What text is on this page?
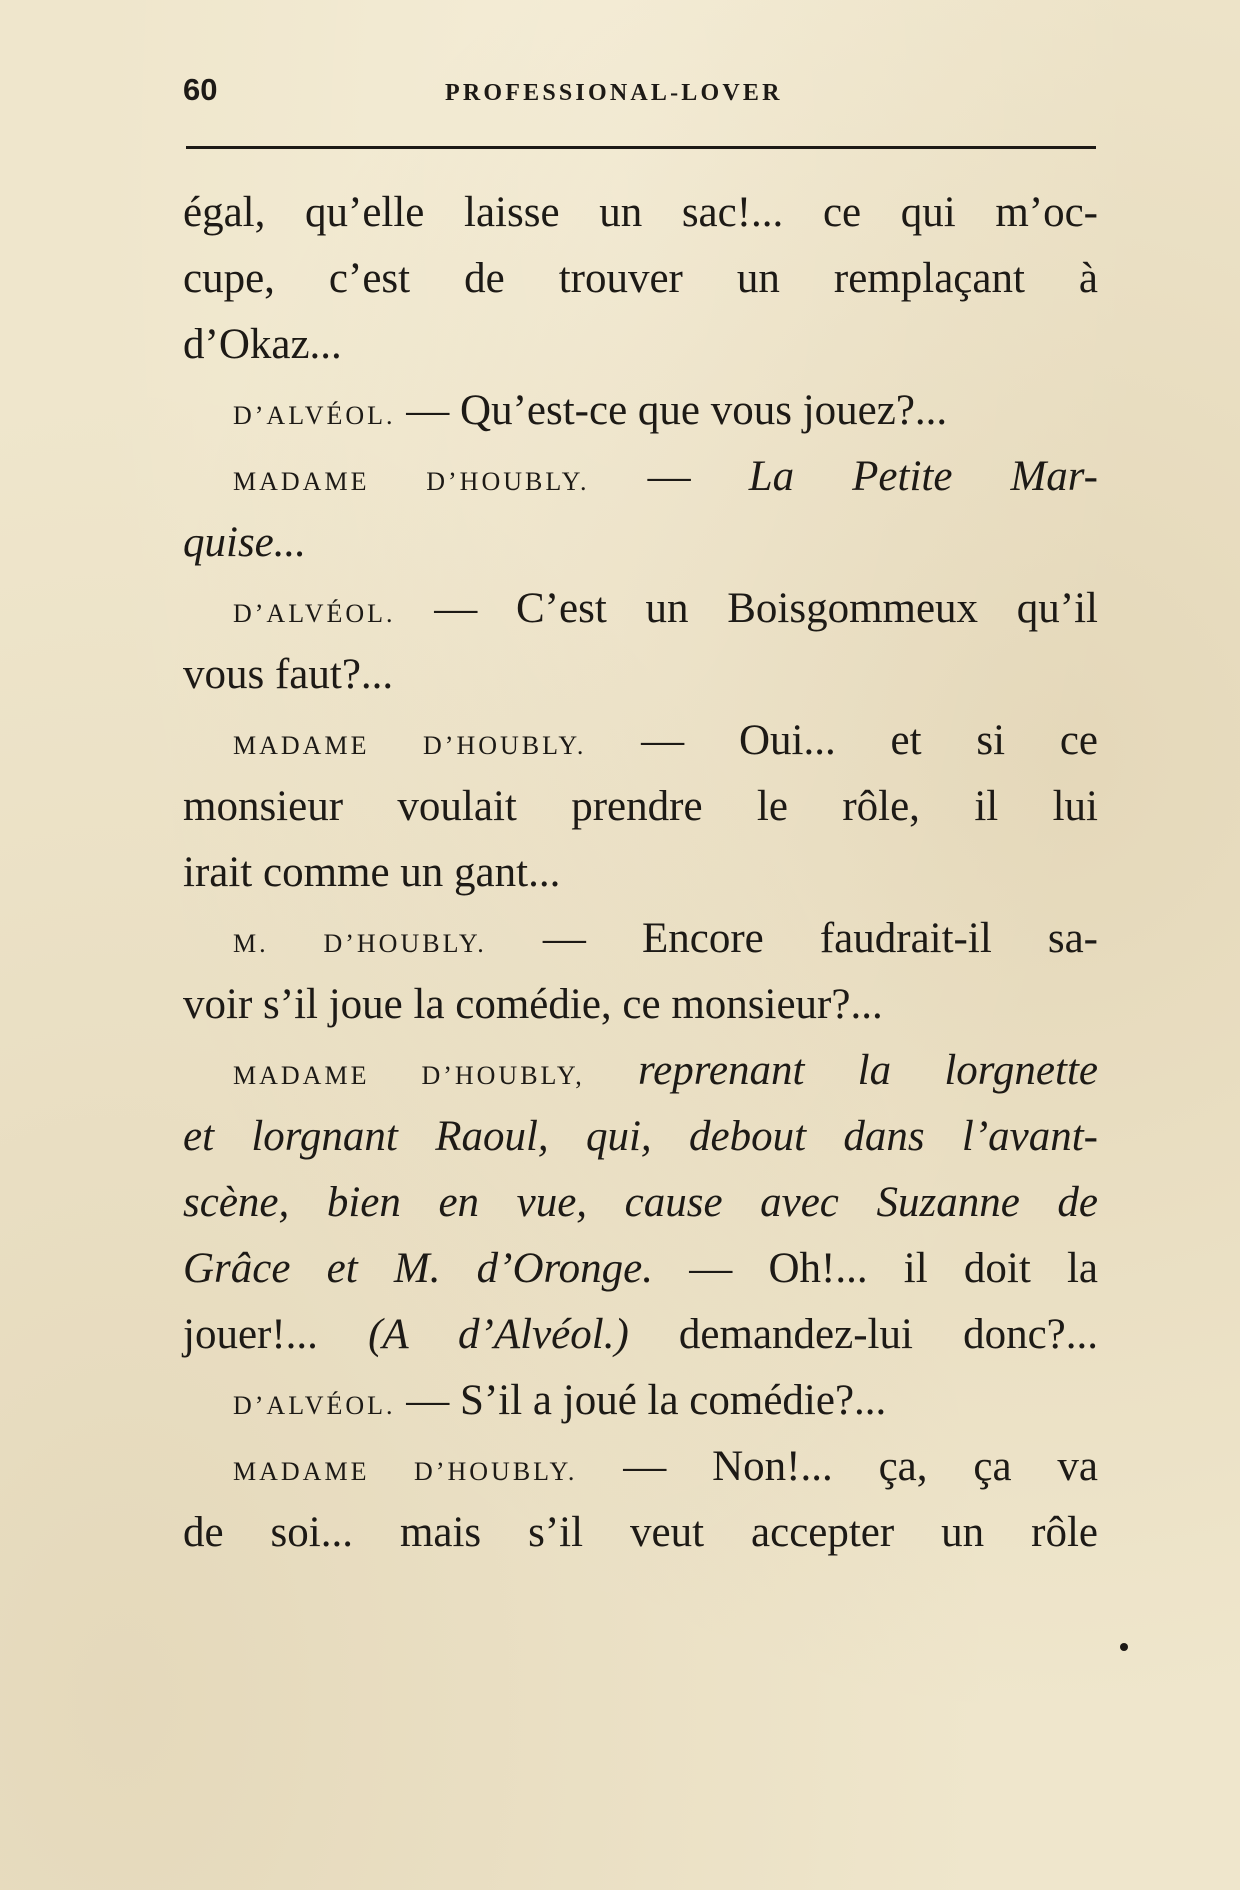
60	PROFESSIONAL-LOVER
égal, qu’elle laisse un sac!... ce qui m’oc-
cupe, c’est de trouver un remplaçant à
d’Okaz...
D’ALVÉOL. — Qu’est-ce que vous jouez?...
MADAME D’HOUBLY. — La Petite Mar-
quise...
D’ALVÉOL. — C’est un Boisgommeux qu’il
vous faut?...
MADAME D’HOUBLY. — Oui... et si ce
monsieur voulait prendre le rôle, il lui
irait comme un gant...
M. D’HOUBLY. — Encore faudrait-il sa-
voir s’il joue la comédie, ce monsieur?...
MADAME D’HOUBLY, reprenant la lorgnette
et lorgnant Raoul, qui, debout dans l’avant-
scène, bien en vue, cause avec Suzanne de
Grâce et M. d’Oronge. — Oh!... il doit la
jouer!... (A d’Alvéol.) demandez-lui donc?...
D’ALVÉOL. — S’il a joué la comédie?...
MADAME D’HOUBLY. — Non!... ça, ça va
de soi... mais s’il veut accepter un rôle
